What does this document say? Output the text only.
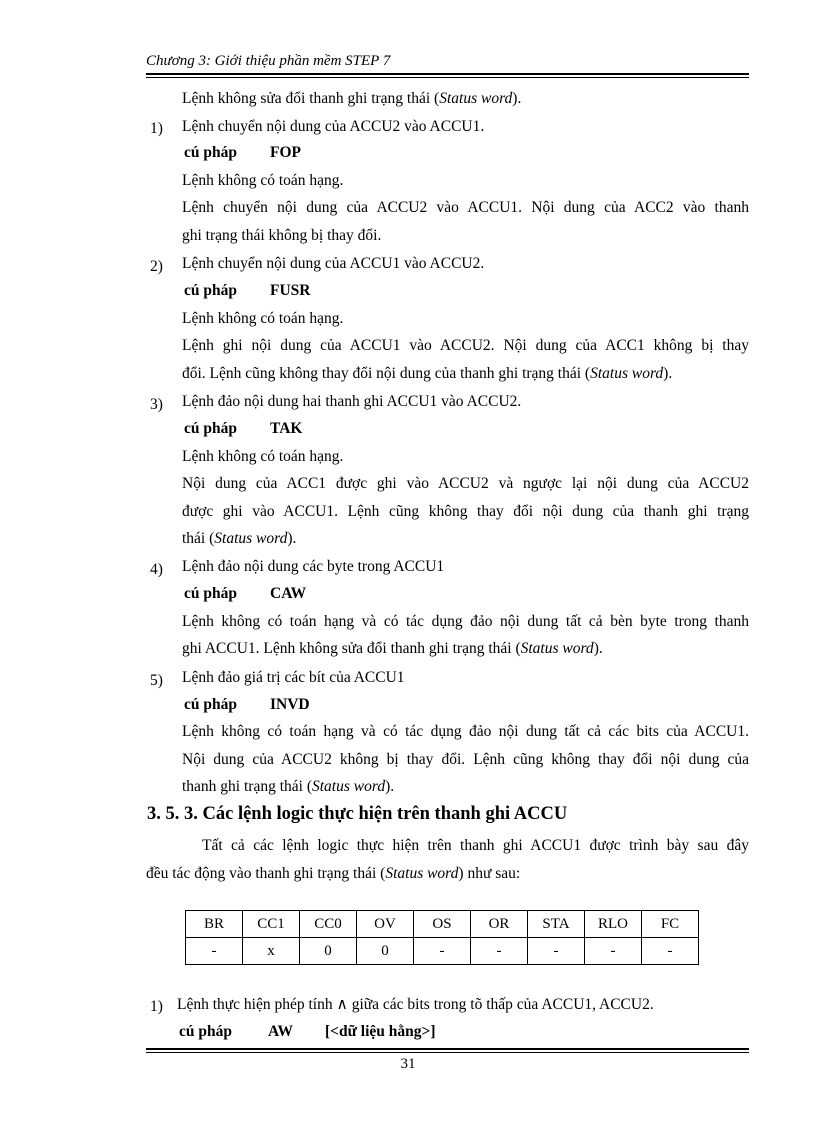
Chương 3: Giới thiệu phần mềm STEP 7
Lệnh không sửa đổi thanh ghi trạng thái (Status word).
1) Lệnh chuyển nội dung của ACCU2 vào ACCU1.
cú pháp FOP
Lệnh không có toán hạng.
Lệnh chuyển nội dung của ACCU2 vào ACCU1. Nội dung của ACC2 vào thanh
ghi trạng thái không bị thay đổi.
2) Lệnh chuyển nội dung của ACCU1 vào ACCU2.
cú pháp FUSR
Lệnh không có toán hạng.
Lệnh ghi nội dung của ACCU1 vào ACCU2. Nội dung của ACC1 không bị thay
đổi. Lệnh cũng không thay đổi nội dung của thanh ghi trạng thái (Status word).
3) Lệnh đảo nội dung hai thanh ghi ACCU1 vào ACCU2.
cú pháp TAK
Lệnh không có toán hạng.
Nội dung của ACC1 được ghi vào ACCU2 và ngược lại nội dung của ACCU2
được ghi vào ACCU1. Lệnh cũng không thay đổi nội dung của thanh ghi trạng
thái (Status word).
4) Lệnh đảo nội dung các byte trong ACCU1
cú pháp CAW
Lệnh không có toán hạng và có tác dụng đảo nội dung tất cả bèn byte trong thanh
ghi ACCU1. Lệnh không sửa đổi thanh ghi trạng thái (Status word).
5) Lệnh đảo giá trị các bít của ACCU1
cú pháp INVD
Lệnh không có toán hạng và có tác dụng đảo nội dung tất cả các bits của ACCU1.
Nội dung của ACCU2 không bị thay đổi. Lệnh cũng không thay đổi nội dung của
thanh ghi trạng thái (Status word).
3. 5. 3. Các lệnh logic thực hiện trên thanh ghi ACCU
Tất cả các lệnh logic thực hiện trên thanh ghi ACCU1 được trình bày sau đây
đều tác động vào thanh ghi trạng thái (Status word) như sau:
BR	CC1	CC0	OV	OS	OR	STA	RLO	FC
-	x	0	0	-	-	-	-	-
1) Lệnh thực hiện phép tính ∧ giữa các bits trong tõ thấp của ACCU1, ACCU2.
cú pháp AW [<dữ liệu hằng>]
31
